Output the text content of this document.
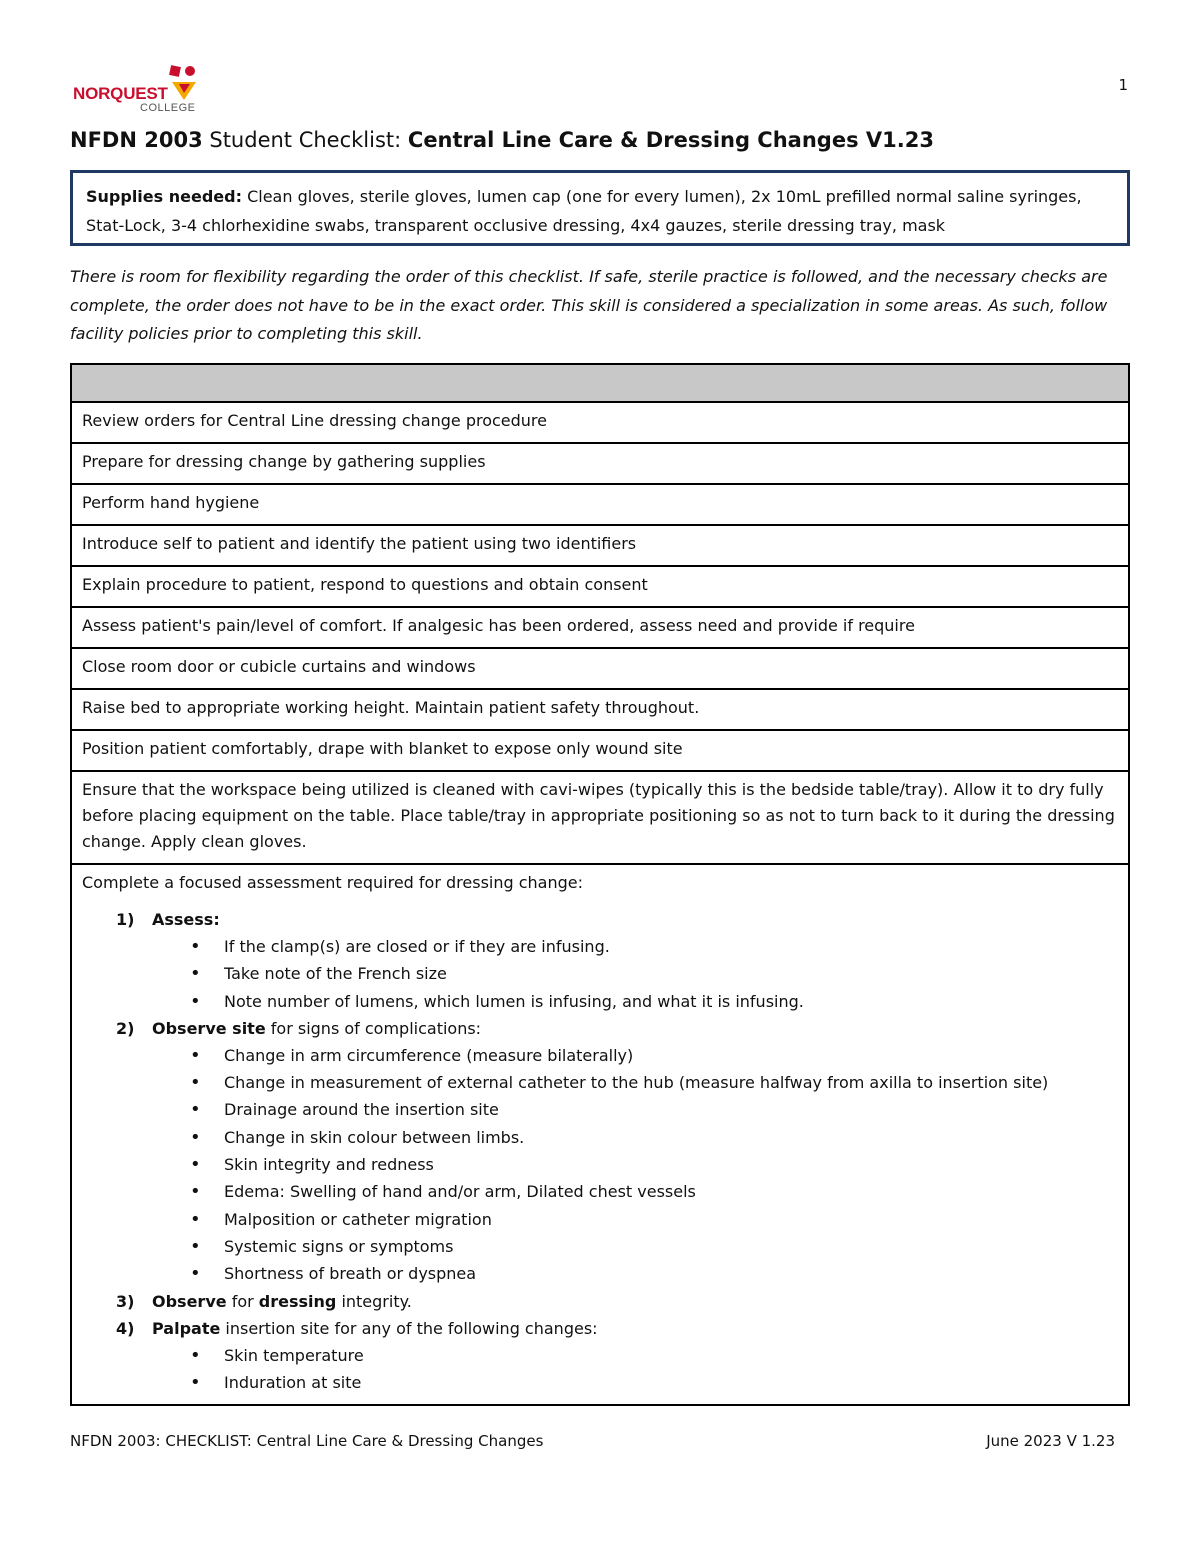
NORQUEST
COLLEGE
1
NFDN 2003 Student Checklist: Central Line Care & Dressing Changes V1.23
Supplies needed: Clean gloves, sterile gloves, lumen cap (one for every lumen), 2x 10mL prefilled normal saline syringes, Stat-Lock, 3-4 chlorhexidine swabs, transparent occlusive dressing, 4x4 gauzes, sterile dressing tray, mask
There is room for flexibility regarding the order of this checklist. If safe, sterile practice is followed, and the necessary checks are complete, the order does not have to be in the exact order. This skill is considered a specialization in some areas. As such, follow facility policies prior to completing this skill.

Review orders for Central Line dressing change procedure
Prepare for dressing change by gathering supplies
Perform hand hygiene
Introduce self to patient and identify the patient using two identifiers
Explain procedure to patient, respond to questions and obtain consent
Assess patient's pain/level of comfort. If analgesic has been ordered, assess need and provide if require
Close room door or cubicle curtains and windows
Raise bed to appropriate working height. Maintain patient safety throughout.
Position patient comfortably, drape with blanket to expose only wound site
Ensure that the workspace being utilized is cleaned with cavi-wipes (typically this is the bedside table/tray). Allow it to dry fully before placing equipment on the table. Place table/tray in appropriate positioning so as not to turn back to it during the dressing change. Apply clean gloves.

Complete a focused assessment required for dressing change:
Assess:
• If the clamp(s) are closed or if they are infusing.
• Take note of the French size
• Note number of lumens, which lumen is infusing, and what it is infusing.
Observe site for signs of complications:
• Change in arm circumference (measure bilaterally)
• Change in measurement of external catheter to the hub (measure halfway from axilla to insertion site)
• Drainage around the insertion site
• Change in skin colour between limbs.
• Skin integrity and redness
• Edema: Swelling of hand and/or arm, Dilated chest vessels
• Malposition or catheter migration
• Systemic signs or symptoms
• Shortness of breath or dyspnea
Observe for dressing integrity.
Palpate insertion site for any of the following changes:
• Skin temperature
• Induration at site
NFDN 2003: CHECKLIST: Central Line Care & Dressing Changes	June 2023 V 1.23
